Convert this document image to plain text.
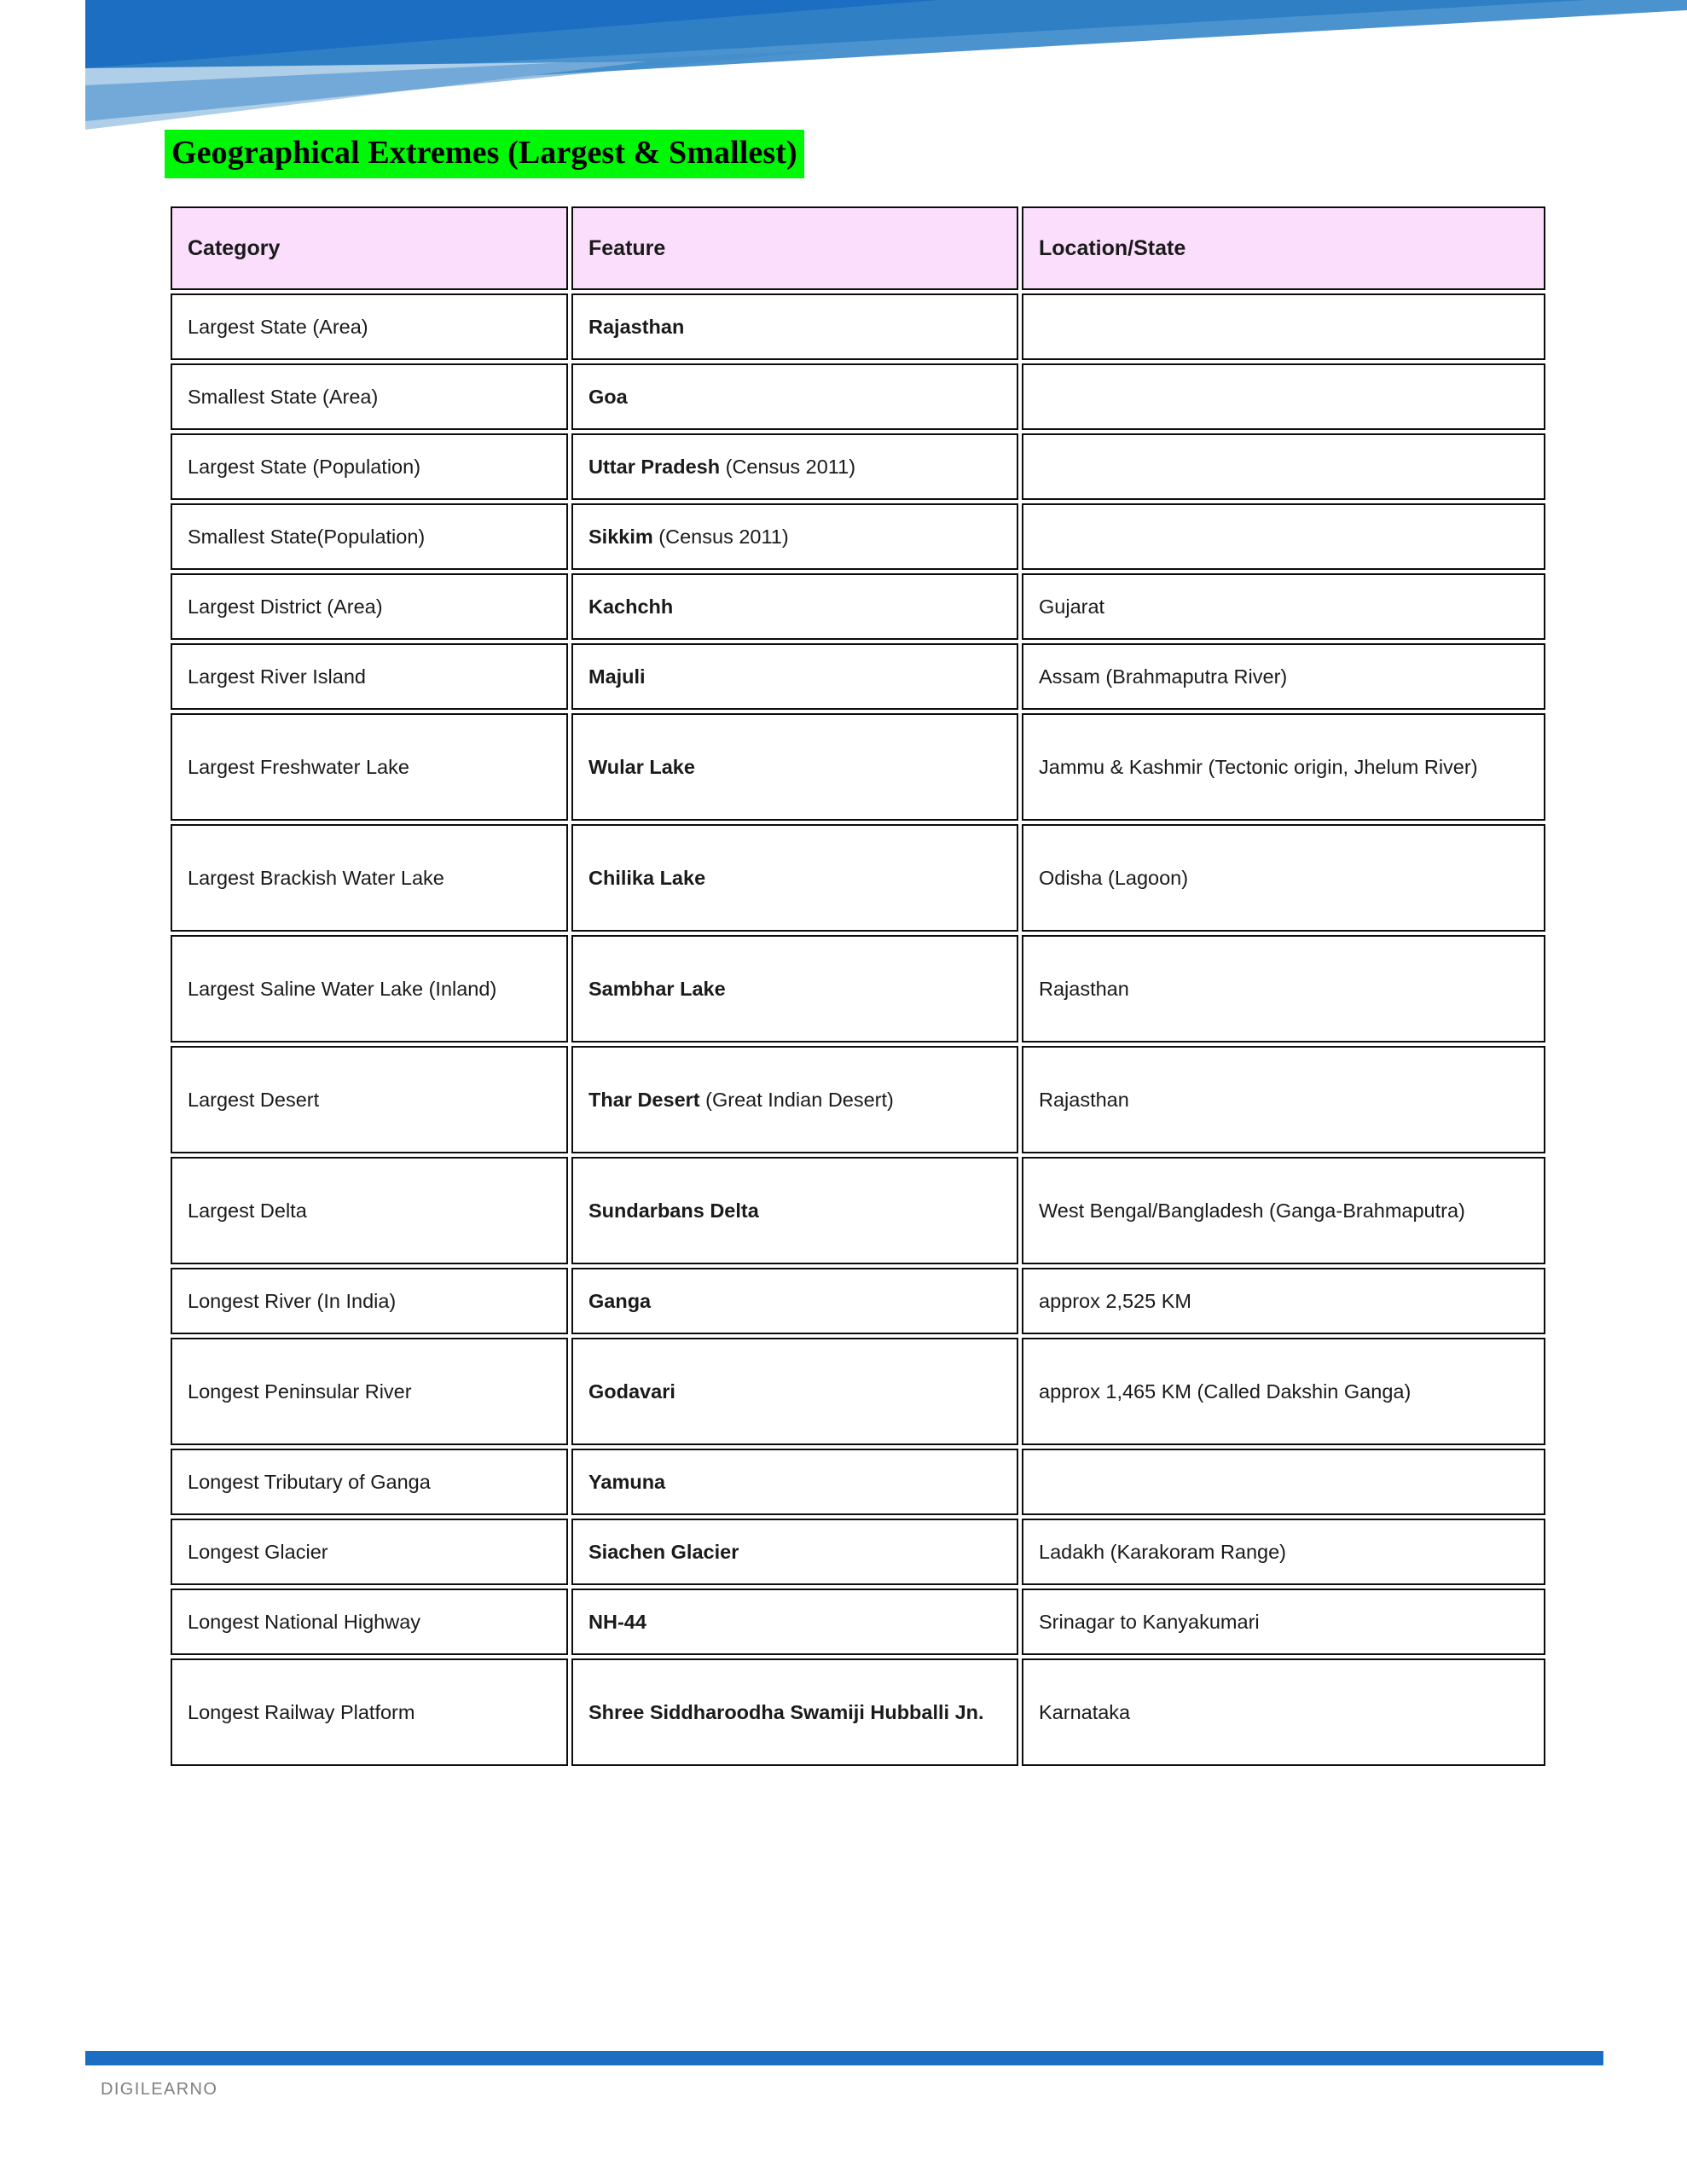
Geographical Extremes (Largest & Smallest)
Category	Feature	Location/State
Largest State (Area)	Rajasthan	
Smallest State (Area)	Goa	
Largest State (Population)	Uttar Pradesh (Census 2011)	
Smallest State(Population)	Sikkim (Census 2011)	
Largest District (Area)	Kachchh	Gujarat
Largest River Island	Majuli	Assam (Brahmaputra River)
Largest Freshwater Lake	Wular Lake	Jammu & Kashmir (Tectonic origin, Jhelum River)
Largest Brackish Water Lake	Chilika Lake	Odisha (Lagoon)
Largest Saline Water Lake (Inland)	Sambhar Lake	Rajasthan
Largest Desert	Thar Desert (Great Indian Desert)	Rajasthan
Largest Delta	Sundarbans Delta	West Bengal/Bangladesh (Ganga-Brahmaputra)
Longest River (In India)	Ganga	approx 2,525 KM
Longest Peninsular River	Godavari	approx 1,465 KM (Called Dakshin Ganga)
Longest Tributary of Ganga	Yamuna	
Longest Glacier	Siachen Glacier	Ladakh (Karakoram Range)
Longest National Highway	NH-44	Srinagar to Kanyakumari
Longest Railway Platform	Shree Siddharoodha Swamiji Hubballi Jn.	Karnataka
DIGILEARNO
